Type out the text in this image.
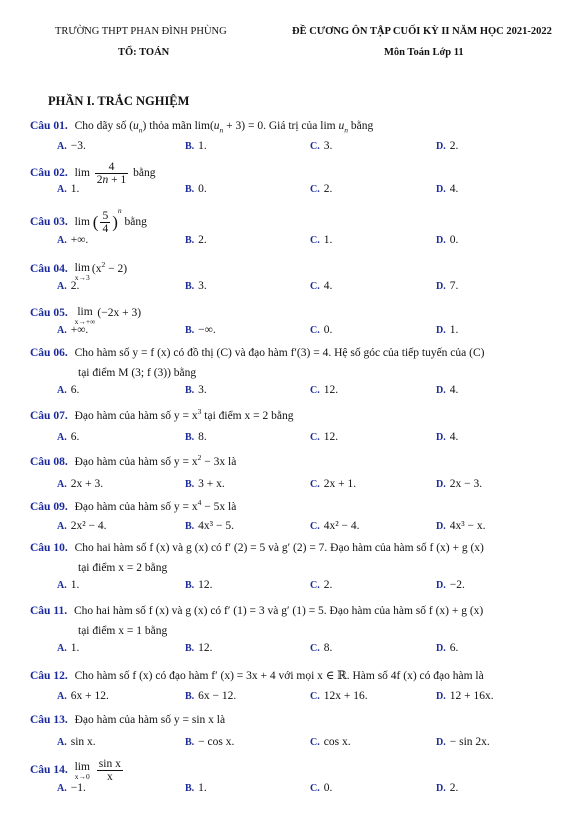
TRƯỜNG THPT PHAN ĐÌNH PHÙNG
TỔ: TOÁN
ĐỀ CƯƠNG ÔN TẬP CUỐI KỲ II NĂM HỌC 2021-2022
Môn Toán Lớp 11
PHẦN I. TRẮC NGHIỆM
Câu 01. Cho dãy số $(u_n)$ thỏa mãn $\lim(u_n + 3) = 0$. Giá trị của $\lim u_n$ bằng
A. −3.	B. 1.	C. 3.	D. 2.
Câu 02. $\lim \frac{4}{2n + 1}$ bằng
A. 1.	B. 0.	C. 2.	D. 4.
Câu 03. lim ( $\frac{5}{4} )^n$ bằng
A. +∞.	B. 2.	C. 1.	D. 0.
Câu 04. lim
x→3
$(x^2 - 2)$
A. 2.	B. 3.	C. 4.	D. 7.
Câu 05. lim
x→+∞
(−2x + 3)
A. +∞.	B. −∞.	C. 0.	D. 1.
Câu 06. Cho hàm số y = f (x) có đồ thị (C) và đạo hàm f′(3) = 4. Hệ số góc của tiếp tuyến của (C)
tại điểm M (3; f (3)) bằng
A. 6.	B. 3.	C. 12.	D. 4.
Câu 07. Đạo hàm của hàm số $y = x^3$ tại điểm x = 2 bằng
A. 6.	B. 8.	C. 12.	D. 4.
Câu 08. Đạo hàm của hàm số $y = x^2 - 3x$ là
A. 2x + 3.	B. 3 + x.	C. 2x + 1.	D. 2x − 3.
Câu 09. Đạo hàm của hàm số $y = x^4 - 5x$ là
A. 2x² − 4.	B. 4x³ − 5.	C. 4x² − 4.	D. 4x³ − x.
Câu 10. Cho hai hàm số f (x) và g (x) có f′ (2) = 5 và g′ (2) = 7. Đạo hàm của hàm số f (x) + g (x)
tại điểm x = 2 bằng
A. 1.	B. 12.	C. 2.	D. −2.
Câu 11. Cho hai hàm số f (x) và g (x) có f′ (1) = 3 và g′ (1) = 5. Đạo hàm của hàm số f (x) + g (x)
tại điểm x = 1 bằng
A. 1.	B. 12.	C. 8.	D. 6.
Câu 12. Cho hàm số f (x) có đạo hàm f′ (x) = 3x + 4 với mọi x ∈ ℝ. Hàm số 4f (x) có đạo hàm là
A. 6x + 12.	B. 6x − 12.	C. 12x + 16.	D. 12 + 16x.
Câu 13. Đạo hàm của hàm số y = sin x là
A. sin x.	B. − cos x.	C. cos x.	D. − sin 2x.
Câu 14. lim
x→0
$\frac{\text{sin x}}{x}$
A. −1.	B. 1.	C. 0.	D. 2.
